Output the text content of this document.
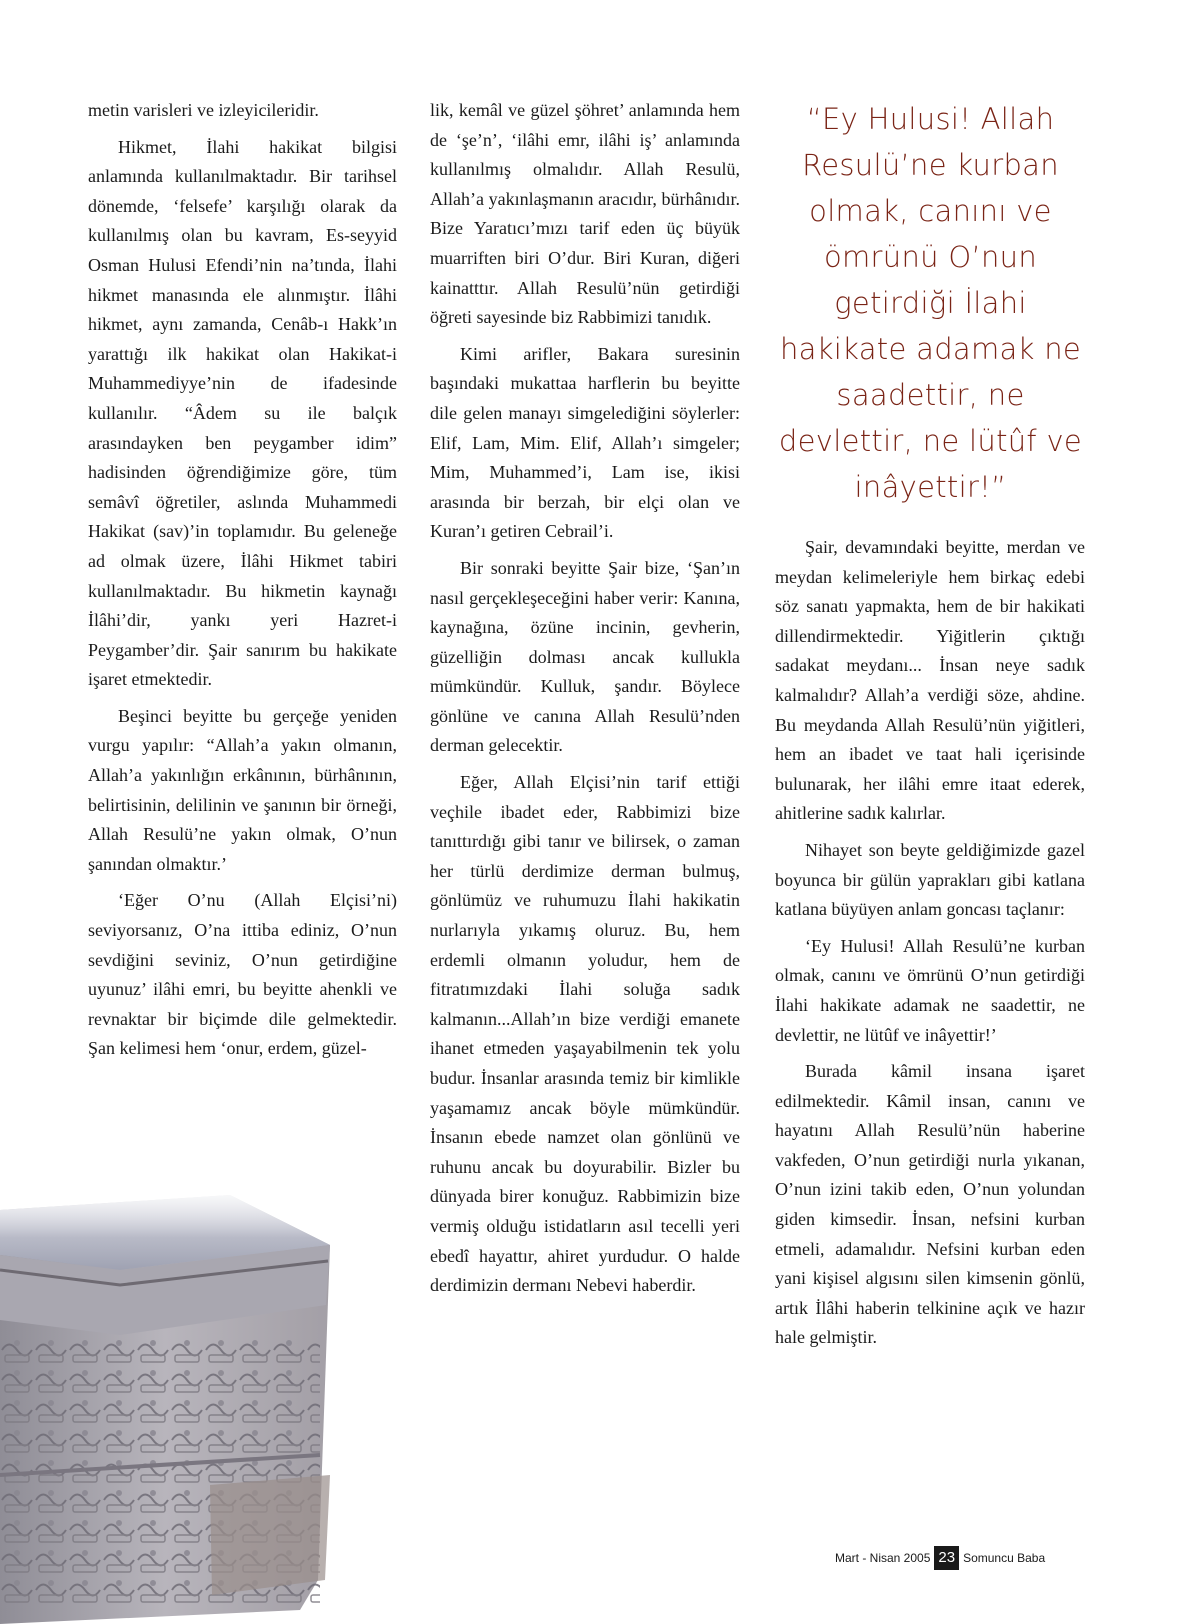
metin varisleri ve izleyicileridir.

Hikmet, İlahi hakikat bilgisi anlamında kullanılmaktadır. Bir tarihsel dönemde, ‘felsefe’ karşılığı olarak da kullanılmış olan bu kavram, Es-seyyid Osman Hulusi Efendi’nin na’tında, İlahi hikmet manasında ele alınmıştır. İlâhi hikmet, aynı zamanda, Cenâb-ı Hakk’ın yarattığı ilk hakikat olan Hakikat-i Muhammediyye’nin de ifadesinde kullanılır. “Âdem su ile balçık arasındayken ben peygamber idim” hadisinden öğrendiğimize göre, tüm semâvî öğretiler, aslında Muhammedi Hakikat (sav)’in toplamıdır. Bu geleneğe ad olmak üzere, İlâhi Hikmet tabiri kullanılmaktadır. Bu hikmetin kaynağı İlâhi’dir, yankı yeri Hazret-i Peygamber’dir. Şair sanırım bu hakikate işaret etmektedir.

Beşinci beyitte bu gerçeğe yeniden vurgu yapılır: “Allah’a yakın olmanın, Allah’a yakınlığın erkânının, bürhânının, belirtisinin, delilinin ve şanının bir örneği, Allah Resulü’ne yakın olmak, O’nun şanından olmaktır.’

‘Eğer O’nu (Allah Elçisi’ni) seviyorsanız, O’na ittiba ediniz, O’nun sevdiğini seviniz, O’nun getirdiğine uyunuz’ ilâhi emri, bu beyitte ahenkli ve revnaktar bir biçimde dile gelmektedir. Şan kelimesi hem ‘onur, erdem, güzel-

lik, kemâl ve güzel şöhret’ anlamında hem de ‘şe’n’, ‘ilâhi emr, ilâhi iş’ anlamında kullanılmış olmalıdır. Allah Resulü, Allah’a yakınlaşmanın aracıdır, bürhânıdır. Bize Yaratıcı’mızı tarif eden üç büyük muarriften biri O’dur. Biri Kuran, diğeri kainatttır. Allah Resulü’nün getirdiği öğreti sayesinde biz Rabbimizi tanıdık.

Kimi arifler, Bakara suresinin başındaki mukattaa harflerin bu beyitte dile gelen manayı simgelediğini söylerler: Elif, Lam, Mim. Elif, Allah’ı simgeler; Mim, Muhammed’i, Lam ise, ikisi arasında bir berzah, bir elçi olan ve Kuran’ı getiren Cebrail’i.

Bir sonraki beyitte Şair bize, ‘Şan’ın nasıl gerçekleşeceğini haber verir: Kanına, kaynağına, özüne incinin, gevherin, güzelliğin dolması ancak kullukla mümkündür. Kulluk, şandır. Böylece gönlüne ve canına Allah Resulü’nden derman gelecektir.

Eğer, Allah Elçisi’nin tarif ettiği veçhile ibadet eder, Rabbimizi bize tanıttırdığı gibi tanır ve bilirsek, o zaman her türlü derdimize derman bulmuş, gönlümüz ve ruhumuzu İlahi hakikatin nurlarıyla yıkamış oluruz. Bu, hem erdemli olmanın yoludur, hem de fitratımızdaki İlahi soluğa sadık kalmanın...Allah’ın bize verdiği emanete ihanet etmeden yaşayabilmenin tek yolu budur. İnsanlar arasında temiz bir kimlikle yaşamamız ancak böyle mümkündür. İnsanın ebede namzet olan gönlünü ve ruhunu ancak bu doyurabilir. Bizler bu dünyada birer konuğuz. Rabbimizin bize vermiş olduğu istidatların asıl tecelli yeri ebedî hayattır, ahiret yurdudur. O halde derdimizin dermanı Nebevi haberdir.

“Ey Hulusi! Allah Resulü’ne kurban olmak, canını ve ömrünü O’nun getirdiği İlahi hakikate adamak ne saadettir, ne devlettir, ne lütûf ve inâyettir!”

Şair, devamındaki beyitte, merdan ve meydan kelimeleriyle hem birkaç edebi söz sanatı yapmakta, hem de bir hakikati dillendirmektedir. Yiğitlerin çıktığı sadakat meydanı... İnsan neye sadık kalmalıdır? Allah’a verdiği söze, ahdine. Bu meydanda Allah Resulü’nün yiğitleri, hem an ibadet ve taat hali içerisinde bulunarak, her ilâhi emre itaat ederek, ahitlerine sadık kalırlar.

Nihayet son beyte geldiğimizde gazel boyunca bir gülün yaprakları gibi katlana katlana büyüyen anlam goncası taçlanır:

‘Ey Hulusi! Allah Resulü’ne kurban olmak, canını ve ömrünü O’nun getirdiği İlahi hakikate adamak ne saadettir, ne devlettir, ne lütûf ve inâyettir!’

Burada kâmil insana işaret edilmektedir. Kâmil insan, canını ve hayatını Allah Resulü’nün haberine vakfeden, O’nun getirdiği nurla yıkanan, O’nun izini takib eden, O’nun yolundan giden kimsedir. İnsan, nefsini kurban etmeli, adamalıdır. Nefsini kurban eden yani kişisel algısını silen kimsenin gönlü, artık İlâhi haberin telkinine açık ve hazır hale gelmiştir.

Mart - Nisan 2005 23 Somuncu Baba
